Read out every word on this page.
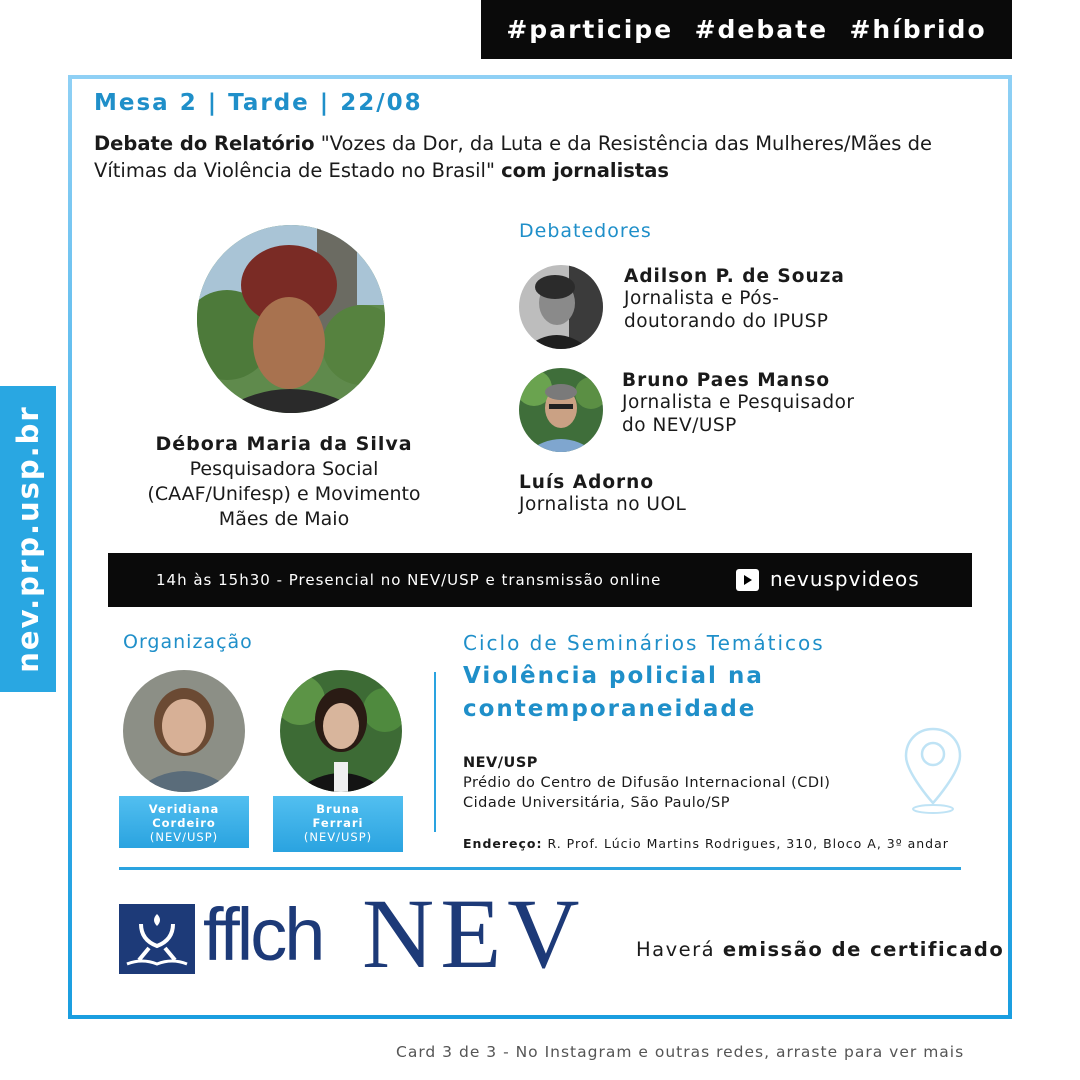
#participe  #debate  #híbrido
nev.prp.usp.br
Mesa 2 | Tarde | 22/08
Debate do Relatório "Vozes da Dor, da Luta e da Resistência das Mulheres/Mães de Vítimas da Violência de Estado no Brasil" com jornalistas
Débora Maria da Silva
Pesquisadora Social (CAAF/Unifesp) e Movimento Mães de Maio
Debatedores
Adilson P. de Souza
Jornalista e Pós-
doutorando do IPUSP
Bruno Paes Manso
Jornalista e Pesquisador
do NEV/USP
Luís Adorno
Jornalista no UOL
14h às 15h30 - Presencial no NEV/USP e transmissão online	nevuspvideos
Organização
Veridiana
Cordeiro
(NEV/USP)
Bruna
Ferrari
(NEV/USP)
Ciclo de Seminários Temáticos
Violência policial na
contemporaneidade
NEV/USP
Prédio do Centro de Difusão Internacional (CDI)
Cidade Universitária, São Paulo/SP
Endereço: R. Prof. Lúcio Martins Rodrigues, 310, Bloco A, 3º andar
fflch NEV	Haverá emissão de certificado
Card 3 de 3 - No Instagram e outras redes, arraste para ver mais
